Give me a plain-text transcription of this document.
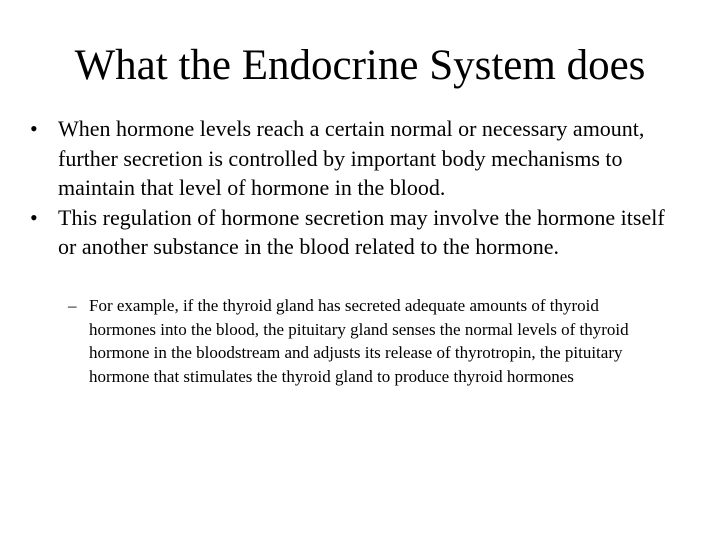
What the Endocrine System does
• When hormone levels reach a certain normal or necessary amount, further secretion is controlled by important body mechanisms to maintain that level of hormone in the blood.
• This regulation of hormone secretion may involve the hormone itself or another substance in the blood related to the hormone.
– For example, if the thyroid gland has secreted adequate amounts of thyroid hormones into the blood, the pituitary gland senses the normal levels of thyroid hormone in the bloodstream and adjusts its release of thyrotropin, the pituitary hormone that stimulates the thyroid gland to produce thyroid hormones
